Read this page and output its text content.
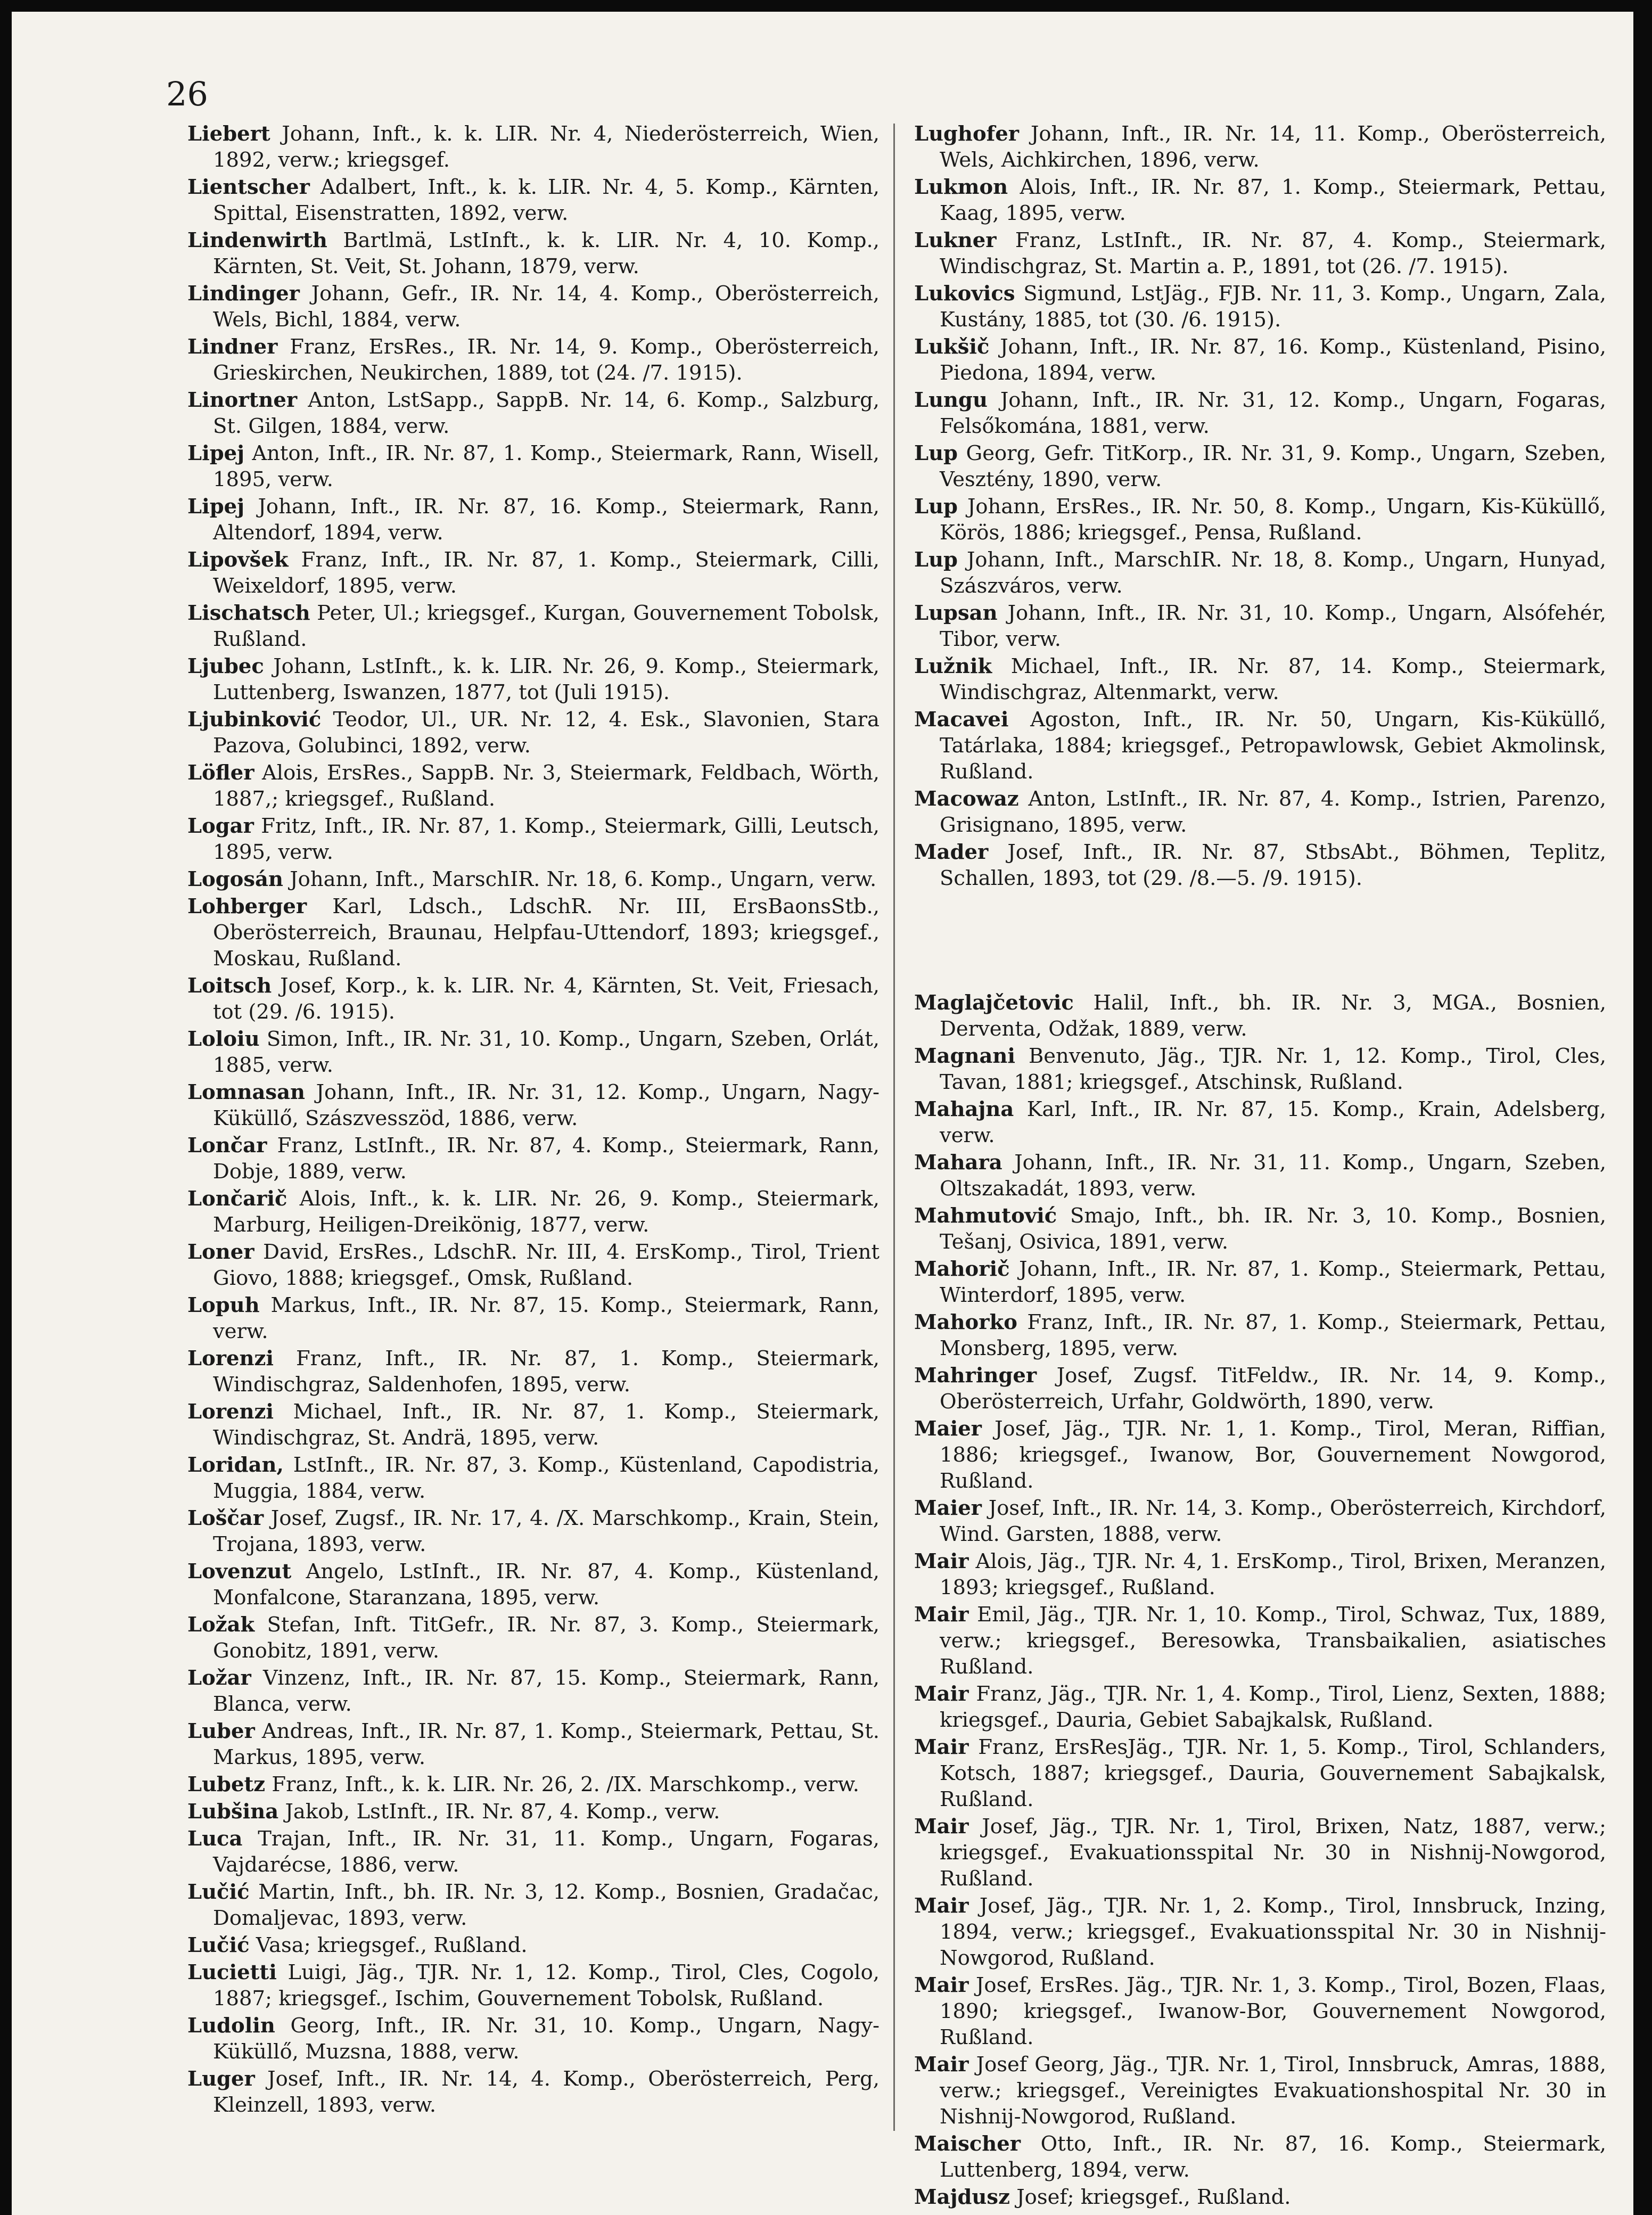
26

Liebert Johann, Inft., k. k. LIR. Nr. 4, Niederösterreich, Wien, 1892, verw.; kriegsgef.

Lientscher Adalbert, Inft., k. k. LIR. Nr. 4, 5. Komp., Kärnten, Spittal, Eisenstratten, 1892, verw.

Lindenwirth Bartlmä, LstInft., k. k. LIR. Nr. 4, 10. Komp., Kärnten, St. Veit, St. Johann, 1879, verw.

Lindinger Johann, Gefr., IR. Nr. 14, 4. Komp., Oberösterreich, Wels, Bichl, 1884, verw.

Lindner Franz, ErsRes., IR. Nr. 14, 9. Komp., Oberösterreich, Grieskirchen, Neukirchen, 1889, tot (24. /7. 1915).

Linortner Anton, LstSapp., SappB. Nr. 14, 6. Komp., Salzburg, St. Gilgen, 1884, verw.

Lipej Anton, Inft., IR. Nr. 87, 1. Komp., Steiermark, Rann, Wisell, 1895, verw.

Lipej Johann, Inft., IR. Nr. 87, 16. Komp., Steiermark, Rann, Altendorf, 1894, verw.

Lipovšek Franz, Inft., IR. Nr. 87, 1. Komp., Steiermark, Cilli, Weixeldorf, 1895, verw.

Lischatsch Peter, Ul.; kriegsgef., Kurgan, Gouvernement Tobolsk, Rußland.

Ljubec Johann, LstInft., k. k. LIR. Nr. 26, 9. Komp., Steiermark, Luttenberg, Iswanzen, 1877, tot (Juli 1915).

Ljubinković Teodor, Ul., UR. Nr. 12, 4. Esk., Slavonien, Stara Pazova, Golubinci, 1892, verw.

Löfler Alois, ErsRes., SappB. Nr. 3, Steiermark, Feldbach, Wörth, 1887,; kriegsgef., Rußland.

Logar Fritz, Inft., IR. Nr. 87, 1. Komp., Steiermark, Gilli, Leutsch, 1895, verw.

Logosán Johann, Inft., MarschIR. Nr. 18, 6. Komp., Ungarn, verw.

Lohberger Karl, Ldsch., LdschR. Nr. III, ErsBaonsStb., Oberösterreich, Braunau, Helpfau-Uttendorf, 1893; kriegsgef., Moskau, Rußland.

Loitsch Josef, Korp., k. k. LIR. Nr. 4, Kärnten, St. Veit, Friesach, tot (29. /6. 1915).

Loloiu Simon, Inft., IR. Nr. 31, 10. Komp., Ungarn, Szeben, Orlát, 1885, verw.

Lomnasan Johann, Inft., IR. Nr. 31, 12. Komp., Ungarn, Nagy-Küküllő, Szászvesszöd, 1886, verw.

Lončar Franz, LstInft., IR. Nr. 87, 4. Komp., Steiermark, Rann, Dobje, 1889, verw.

Lončarič Alois, Inft., k. k. LIR. Nr. 26, 9. Komp., Steiermark, Marburg, Heiligen-Dreikönig, 1877, verw.

Loner David, ErsRes., LdschR. Nr. III, 4. ErsKomp., Tirol, Trient Giovo, 1888; kriegsgef., Omsk, Rußland.

Lopuh Markus, Inft., IR. Nr. 87, 15. Komp., Steiermark, Rann, verw.

Lorenzi Franz, Inft., IR. Nr. 87, 1. Komp., Steiermark, Windischgraz, Saldenhofen, 1895, verw.

Lorenzi Michael, Inft., IR. Nr. 87, 1. Komp., Steiermark, Windischgraz, St. Andrä, 1895, verw.

Loridan, LstInft., IR. Nr. 87, 3. Komp., Küstenland, Capodistria, Muggia, 1884, verw.

Loščar Josef, Zugsf., IR. Nr. 17, 4. /X. Marschkomp., Krain, Stein, Trojana, 1893, verw.

Lovenzut Angelo, LstInft., IR. Nr. 87, 4. Komp., Küstenland, Monfalcone, Staranzana, 1895, verw.

Ložak Stefan, Inft. TitGefr., IR. Nr. 87, 3. Komp., Steiermark, Gonobitz, 1891, verw.

Ložar Vinzenz, Inft., IR. Nr. 87, 15. Komp., Steiermark, Rann, Blanca, verw.

Luber Andreas, Inft., IR. Nr. 87, 1. Komp., Steiermark, Pettau, St. Markus, 1895, verw.

Lubetz Franz, Inft., k. k. LIR. Nr. 26, 2. /IX. Marschkomp., verw.

Lubšina Jakob, LstInft., IR. Nr. 87, 4. Komp., verw.

Luca Trajan, Inft., IR. Nr. 31, 11. Komp., Ungarn, Fogaras, Vajdarécse, 1886, verw.

Lučić Martin, Inft., bh. IR. Nr. 3, 12. Komp., Bosnien, Gradačac, Domaljevac, 1893, verw.

Lučić Vasa; kriegsgef., Rußland.

Lucietti Luigi, Jäg., TJR. Nr. 1, 12. Komp., Tirol, Cles, Cogolo, 1887; kriegsgef., Ischim, Gouvernement Tobolsk, Rußland.

Ludolin Georg, Inft., IR. Nr. 31, 10. Komp., Ungarn, Nagy-Küküllő, Muzsna, 1888, verw.

Luger Josef, Inft., IR. Nr. 14, 4. Komp., Oberösterreich, Perg, Kleinzell, 1893, verw.

Lughofer Johann, Inft., IR. Nr. 14, 11. Komp., Oberösterreich, Wels, Aichkirchen, 1896, verw.

Lukmon Alois, Inft., IR. Nr. 87, 1. Komp., Steiermark, Pettau, Kaag, 1895, verw.

Lukner Franz, LstInft., IR. Nr. 87, 4. Komp., Steiermark, Windischgraz, St. Martin a. P., 1891, tot (26. /7. 1915).

Lukovics Sigmund, LstJäg., FJB. Nr. 11, 3. Komp., Ungarn, Zala, Kustány, 1885, tot (30. /6. 1915).

Lukšič Johann, Inft., IR. Nr. 87, 16. Komp., Küstenland, Pisino, Piedona, 1894, verw.

Lungu Johann, Inft., IR. Nr. 31, 12. Komp., Ungarn, Fogaras, Felsőkomána, 1881, verw.

Lup Georg, Gefr. TitKorp., IR. Nr. 31, 9. Komp., Ungarn, Szeben, Vesztény, 1890, verw.

Lup Johann, ErsRes., IR. Nr. 50, 8. Komp., Ungarn, Kis-Küküllő, Körös, 1886; kriegsgef., Pensa, Rußland.

Lup Johann, Inft., MarschIR. Nr. 18, 8. Komp., Ungarn, Hunyad, Szászváros, verw.

Lupsan Johann, Inft., IR. Nr. 31, 10. Komp., Ungarn, Alsófehér, Tibor, verw.

Lužnik Michael, Inft., IR. Nr. 87, 14. Komp., Steiermark, Windischgraz, Altenmarkt, verw.

Macavei Agoston, Inft., IR. Nr. 50, Ungarn, Kis-Küküllő, Tatárlaka, 1884; kriegsgef., Petropawlowsk, Gebiet Akmolinsk, Rußland.

Macowaz Anton, LstInft., IR. Nr. 87, 4. Komp., Istrien, Parenzo, Grisignano, 1895, verw.

Mader Josef, Inft., IR. Nr. 87, StbsAbt., Böhmen, Teplitz, Schallen, 1893, tot (29. /8.—5. /9. 1915).

Maglajčetovic Halil, Inft., bh. IR. Nr. 3, MGA., Bosnien, Derventa, Odžak, 1889, verw.

Magnani Benvenuto, Jäg., TJR. Nr. 1, 12. Komp., Tirol, Cles, Tavan, 1881; kriegsgef., Atschinsk, Rußland.

Mahajna Karl, Inft., IR. Nr. 87, 15. Komp., Krain, Adelsberg, verw.

Mahara Johann, Inft., IR. Nr. 31, 11. Komp., Ungarn, Szeben, Oltszakadát, 1893, verw.

Mahmutović Smajo, Inft., bh. IR. Nr. 3, 10. Komp., Bosnien, Tešanj, Osivica, 1891, verw.

Mahorič Johann, Inft., IR. Nr. 87, 1. Komp., Steiermark, Pettau, Winterdorf, 1895, verw.

Mahorko Franz, Inft., IR. Nr. 87, 1. Komp., Steiermark, Pettau, Monsberg, 1895, verw.

Mahringer Josef, Zugsf. TitFeldw., IR. Nr. 14, 9. Komp., Oberösterreich, Urfahr, Goldwörth, 1890, verw.

Maier Josef, Jäg., TJR. Nr. 1, 1. Komp., Tirol, Meran, Riffian, 1886; kriegsgef., Iwanow, Bor, Gouvernement Nowgorod, Rußland.

Maier Josef, Inft., IR. Nr. 14, 3. Komp., Oberösterreich, Kirchdorf, Wind. Garsten, 1888, verw.

Mair Alois, Jäg., TJR. Nr. 4, 1. ErsKomp., Tirol, Brixen, Meranzen, 1893; kriegsgef., Rußland.

Mair Emil, Jäg., TJR. Nr. 1, 10. Komp., Tirol, Schwaz, Tux, 1889, verw.; kriegsgef., Beresowka, Transbaikalien, asiatisches Rußland.

Mair Franz, Jäg., TJR. Nr. 1, 4. Komp., Tirol, Lienz, Sexten, 1888; kriegsgef., Dauria, Gebiet Sabajkalsk, Rußland.

Mair Franz, ErsResJäg., TJR. Nr. 1, 5. Komp., Tirol, Schlanders, Kotsch, 1887; kriegsgef., Dauria, Gouvernement Sabajkalsk, Rußland.

Mair Josef, Jäg., TJR. Nr. 1, Tirol, Brixen, Natz, 1887, verw.; kriegsgef., Evakuationsspital Nr. 30 in Nishnij-Nowgorod, Rußland.

Mair Josef, Jäg., TJR. Nr. 1, 2. Komp., Tirol, Innsbruck, Inzing, 1894, verw.; kriegsgef., Evakuationsspital Nr. 30 in Nishnij-Nowgorod, Rußland.

Mair Josef, ErsRes. Jäg., TJR. Nr. 1, 3. Komp., Tirol, Bozen, Flaas, 1890; kriegsgef., Iwanow-Bor, Gouvernement Nowgorod, Rußland.

Mair Josef Georg, Jäg., TJR. Nr. 1, Tirol, Innsbruck, Amras, 1888, verw.; kriegsgef., Vereinigtes Evakuationshospital Nr. 30 in Nishnij-Nowgorod, Rußland.

Maischer Otto, Inft., IR. Nr. 87, 16. Komp., Steiermark, Luttenberg, 1894, verw.

Majdusz Josef; kriegsgef., Rußland.
